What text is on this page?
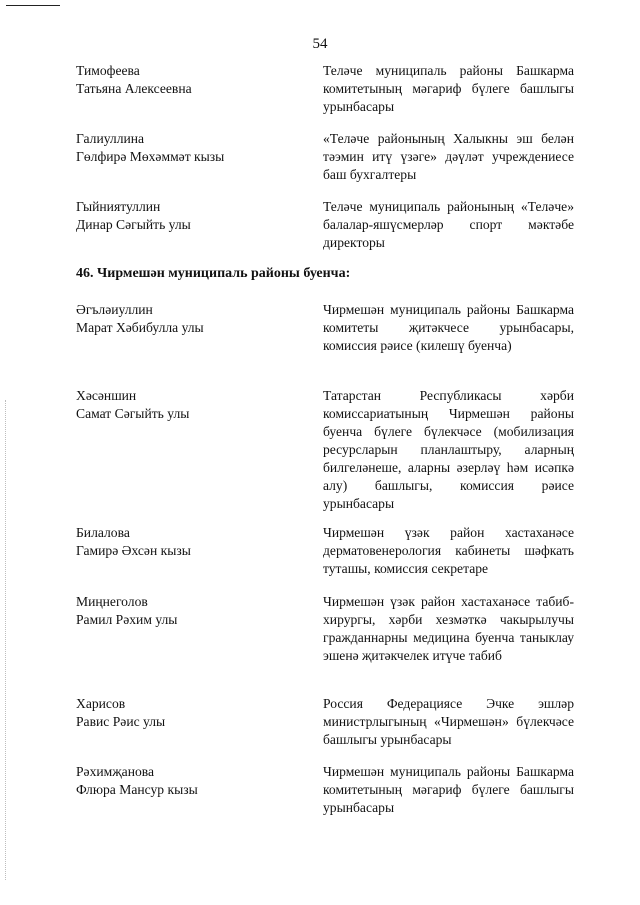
54
Тимофеева
Татьяна Алексеевна
Теләче муниципаль районы Башкарма комитетының мәгариф бүлеге башлыгы урынбасары
Галиуллина
Гөлфирә Мөхәммәт кызы
«Теләче районының Халыкны эш белән тәэмин итү үзәге» дәүләт учреждениесе баш бухгалтеры
Гыйниятуллин
Динар Сәгыйть улы
Теләче муниципаль районының «Теләче» балалар-яшүсмерләр спорт мәктәбе директоры
46. Чирмешән муниципаль районы буенча:
Әгъләиуллин
Марат Хәбибулла улы
Чирмешән муниципаль районы Башкарма комитеты җитәкчесе урынбасары, комиссия рәисе (килешү буенча)
Хәсәншин
Самат Сәгыйть улы
Татарстан Республикасы хәрби комиссариатының Чирмешән районы буенча бүлеге бүлекчәсе (мобилизация ресурсларын планлаштыру, аларның билгеләнеше, аларны әзерләү һәм исәпкә алу) башлыгы, комиссия рәисе урынбасары
Билалова
Гамирә Әхсән кызы
Чирмешән үзәк район хастаханәсе дерматовенерология кабинеты шәфкать туташы, комиссия секретаре
Миңнеголов
Рамил Рәхим улы
Чирмешән үзәк район хастаханәсе табиб-хирургы, хәрби хезмәткә чакырылучы гражданнарны медицина буенча таныклау эшенә җитәкчелек итүче табиб
Харисов
Равис Рәис улы
Россия Федерациясе Эчке эшләр министрлыгының «Чирмешән» бүлекчәсе башлыгы урынбасары
Рәхимҗанова
Флюра Мансур кызы
Чирмешән муниципаль районы Башкарма комитетының мәгариф бүлеге башлыгы урынбасары
